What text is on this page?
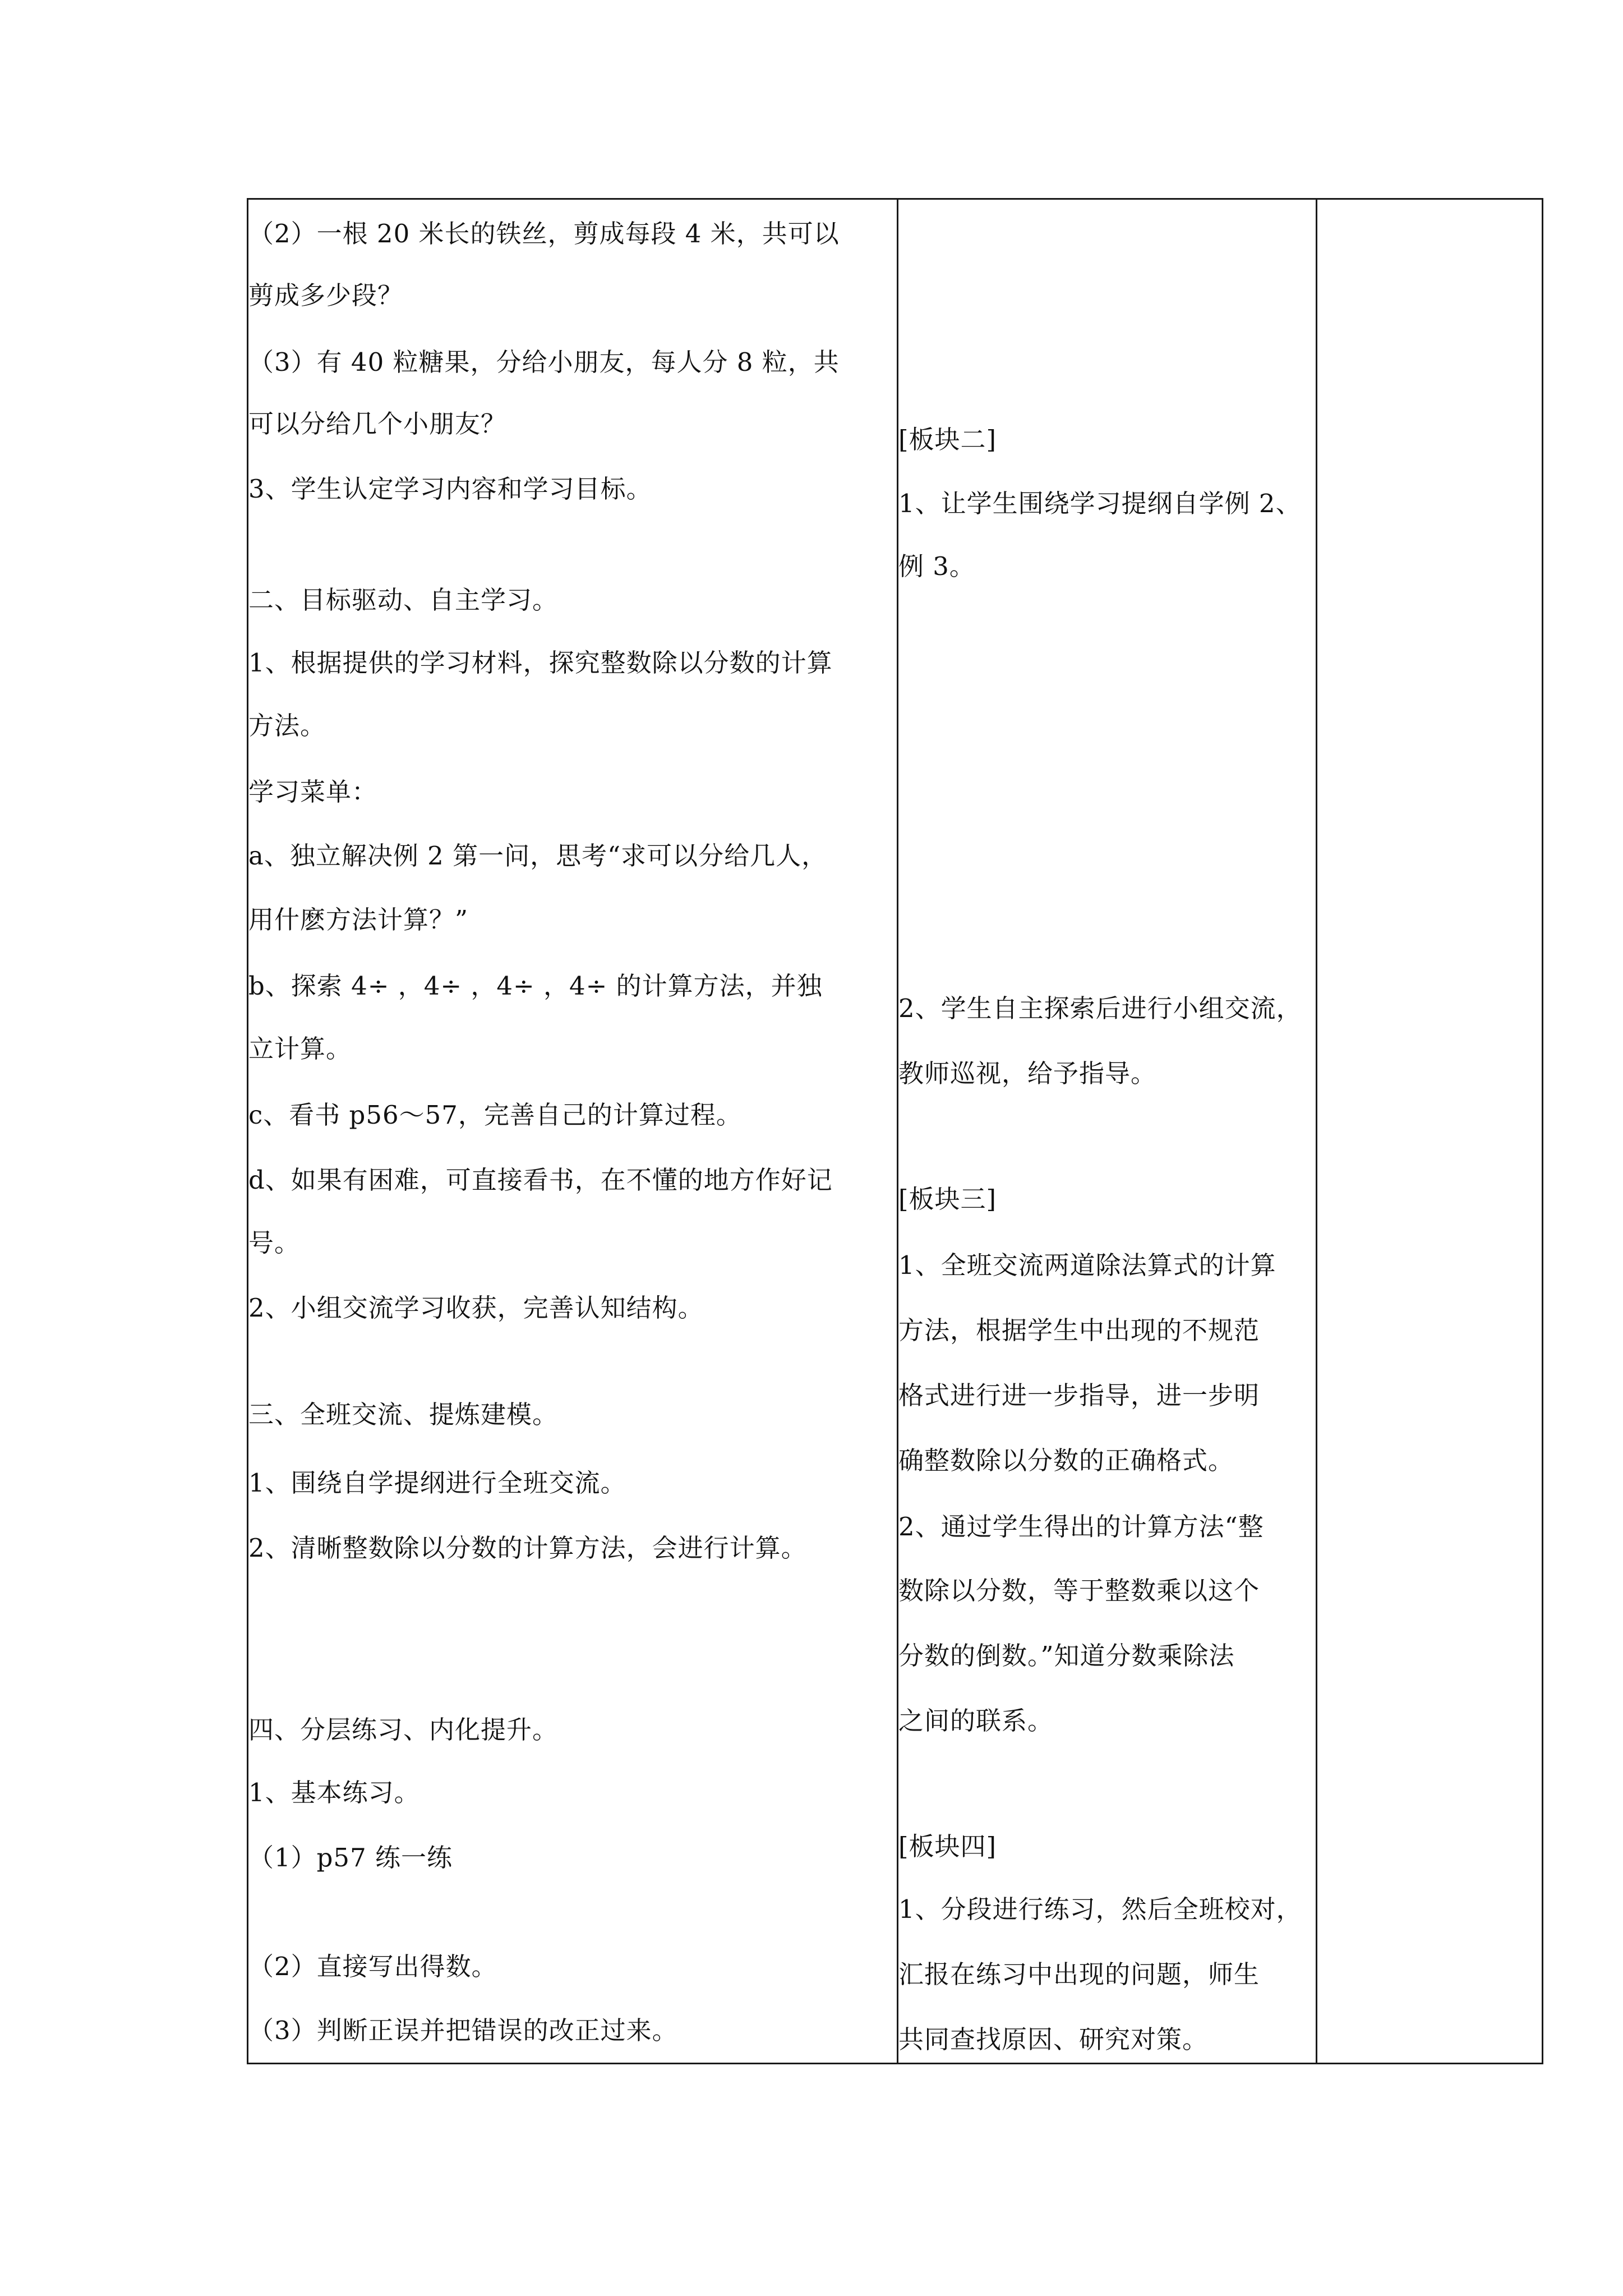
（2）一根 20 米长的铁丝，剪成每段 4 米，共可以
剪成多少段？
（3）有 40 粒糖果，分给小朋友，每人分 8 粒，共
可以分给几个小朋友？
3、学生认定学习内容和学习目标。
二、目标驱动、自主学习。
1、根据提供的学习材料，探究整数除以分数的计算
方法。
学习菜单：
a、独立解决例 2 第一问，思考“求可以分给几人，
用什麽方法计算？”
b、探索 4÷ ，4÷ ，4÷ ，4÷ 的计算方法，并独
立计算。
c、看书 p56～57，完善自己的计算过程。
d、如果有困难，可直接看书，在不懂的地方作好记
号。
2、小组交流学习收获，完善认知结构。
三、全班交流、提炼建模。
1、围绕自学提纲进行全班交流。
2、清晰整数除以分数的计算方法，会进行计算。
四、分层练习、内化提升。
1、基本练习。
（1）p57 练一练
（2）直接写出得数。
（3）判断正误并把错误的改正过来。
[板块二]
1、让学生围绕学习提纲自学例 2、
例 3。
2、学生自主探索后进行小组交流，
教师巡视，给予指导。
[板块三]
1、全班交流两道除法算式的计算
方法，根据学生中出现的不规范
格式进行进一步指导，进一步明
确整数除以分数的正确格式。
2、通过学生得出的计算方法“整
数除以分数，等于整数乘以这个
分数的倒数。”知道分数乘除法
之间的联系。
[板块四]
1、分段进行练习，然后全班校对，
汇报在练习中出现的问题，师生
共同查找原因、研究对策。
